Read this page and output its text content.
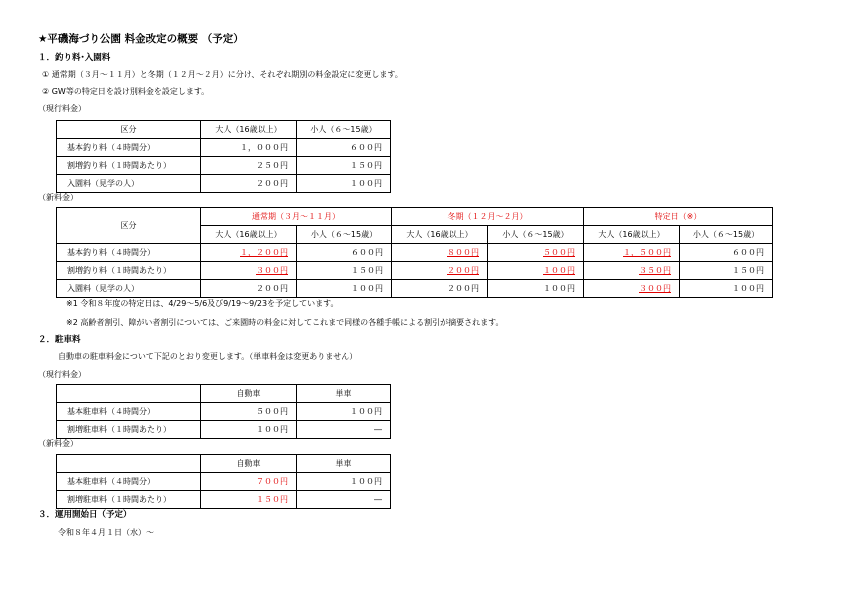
★平磯海づり公園 料金改定の概要 （予定）
１．釣り料･入園料
① 通常期（３月～１１月）と冬期（１２月～２月）に分け、それぞれ期別の料金設定に変更します。
② GW等の特定日を設け別料金を設定します。
（現行料金）
区分	大人（16歳以上）	小人（６～15歳）
基本釣り料（４時間分）	１，０００円	６００円
割増釣り料（１時間あたり）	２５０円	１５０円
入園料（見学の人）	２００円	１００円
（新料金）
区分	通常期（３月～１１月）		冬期（１２月～２月）		特定日（※）	
	大人（16歳以上）	小人（６～15歳）	大人（16歳以上）	小人（６～15歳）	大人（16歳以上）	小人（６～15歳）
基本釣り料（４時間分）	１，２００円	６００円	８００円	５００円	１，５００円	６００円
割増釣り料（１時間あたり）	３００円	１５０円	２００円	１００円	３５０円	１５０円
入園料（見学の人）	２００円	１００円	２００円	１００円	３００円	１００円
※1 令和８年度の特定日は、4/29～5/6及び9/19～9/23を予定しています。
※2 高齢者割引、障がい者割引については、ご来園時の料金に対してこれまで同様の各種手帳による割引が摘要されます。
２．駐車料
自動車の駐車料金について下記のとおり変更します。（単車料金は変更ありません）
（現行料金）
	自動車	単車
基本駐車料（４時間分）	５００円	１００円
割増駐車料（１時間あたり）	１００円	―
（新料金）
	自動車	単車
基本駐車料（４時間分）	７００円	１００円
割増駐車料（１時間あたり）	１５０円	―
３．運用開始日（予定）
令和８年４月１日（水）～
